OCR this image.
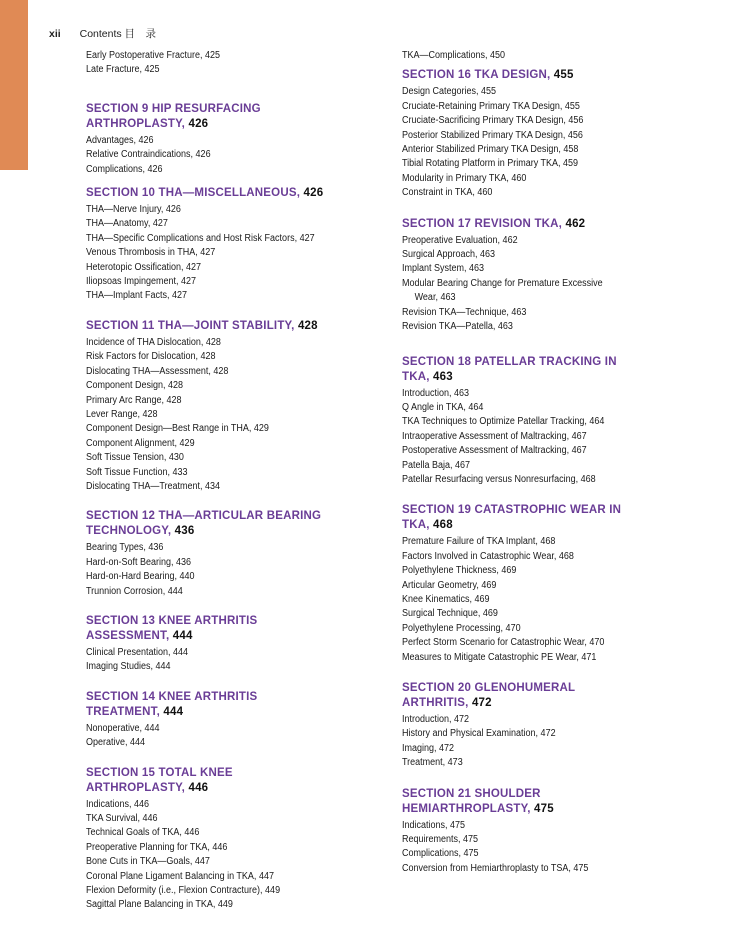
xii Contents 目　录
Early Postoperative Fracture, 425
Late Fracture, 425
SECTION 9 HIP RESURFACING ARTHROPLASTY, 426
Advantages, 426
Relative Contraindications, 426
Complications, 426
SECTION 10 THA—MISCELLANEOUS, 426
THA—Nerve Injury, 426
THA—Anatomy, 427
THA—Specific Complications and Host Risk Factors, 427
Venous Thrombosis in THA, 427
Heterotopic Ossification, 427
Iliopsoas Impingement, 427
THA—Implant Facts, 427
SECTION 11 THA—JOINT STABILITY, 428
Incidence of THA Dislocation, 428
Risk Factors for Dislocation, 428
Dislocating THA—Assessment, 428
Component Design, 428
Primary Arc Range, 428
Lever Range, 428
Component Design—Best Range in THA, 429
Component Alignment, 429
Soft Tissue Tension, 430
Soft Tissue Function, 433
Dislocating THA—Treatment, 434
SECTION 12 THA—ARTICULAR BEARING TECHNOLOGY, 436
Bearing Types, 436
Hard-on-Soft Bearing, 436
Hard-on-Hard Bearing, 440
Trunnion Corrosion, 444
SECTION 13 KNEE ARTHRITIS ASSESSMENT, 444
Clinical Presentation, 444
Imaging Studies, 444
SECTION 14 KNEE ARTHRITIS TREATMENT, 444
Nonoperative, 444
Operative, 444
SECTION 15 TOTAL KNEE ARTHROPLASTY, 446
Indications, 446
TKA Survival, 446
Technical Goals of TKA, 446
Preoperative Planning for TKA, 446
Bone Cuts in TKA—Goals, 447
Coronal Plane Ligament Balancing in TKA, 447
Flexion Deformity (i.e., Flexion Contracture), 449
Sagittal Plane Balancing in TKA, 449
TKA—Complications, 450
SECTION 16 TKA DESIGN, 455
Design Categories, 455
Cruciate-Retaining Primary TKA Design, 455
Cruciate-Sacrificing Primary TKA Design, 456
Posterior Stabilized Primary TKA Design, 456
Anterior Stabilized Primary TKA Design, 458
Tibial Rotating Platform in Primary TKA, 459
Modularity in Primary TKA, 460
Constraint in TKA, 460
SECTION 17 REVISION TKA, 462
Preoperative Evaluation, 462
Surgical Approach, 463
Implant System, 463
Modular Bearing Change for Premature Excessive
Wear, 463
Revision TKA—Technique, 463
Revision TKA—Patella, 463
SECTION 18 PATELLAR TRACKING IN TKA, 463
Introduction, 463
Q Angle in TKA, 464
TKA Techniques to Optimize Patellar Tracking, 464
Intraoperative Assessment of Maltracking, 467
Postoperative Assessment of Maltracking, 467
Patella Baja, 467
Patellar Resurfacing versus Nonresurfacing, 468
SECTION 19 CATASTROPHIC WEAR IN TKA, 468
Premature Failure of TKA Implant, 468
Factors Involved in Catastrophic Wear, 468
Polyethylene Thickness, 469
Articular Geometry, 469
Knee Kinematics, 469
Surgical Technique, 469
Polyethylene Processing, 470
Perfect Storm Scenario for Catastrophic Wear, 470
Measures to Mitigate Catastrophic PE Wear, 471
SECTION 20 GLENOHUMERAL ARTHRITIS, 472
Introduction, 472
History and Physical Examination, 472
Imaging, 472
Treatment, 473
SECTION 21 SHOULDER HEMIARTHROPLASTY, 475
Indications, 475
Requirements, 475
Complications, 475
Conversion from Hemiarthroplasty to TSA, 475
